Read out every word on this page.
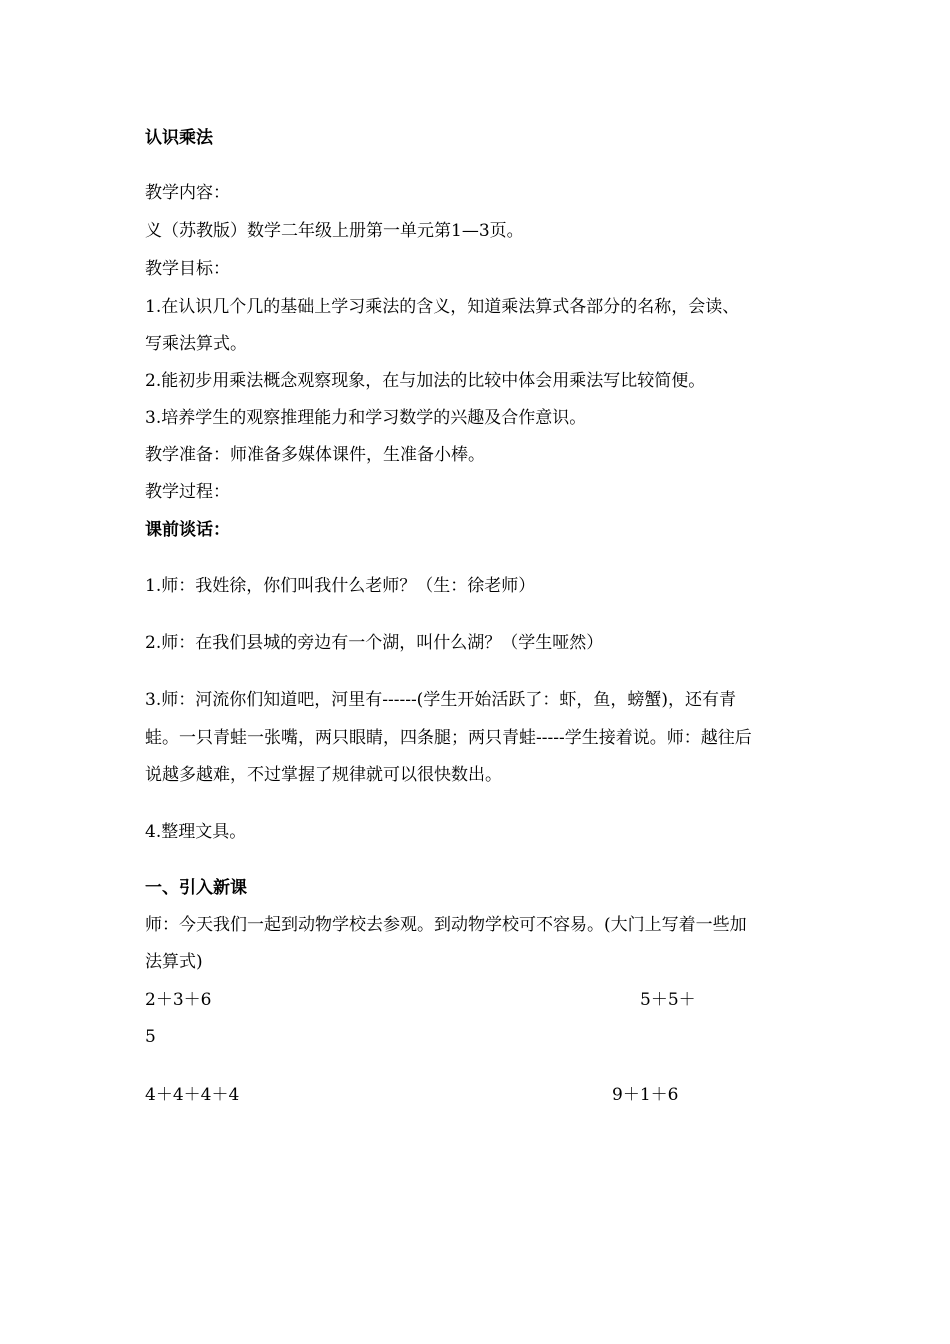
认识乘法
教学内容：
义（苏教版）数学二年级上册第一单元第1—3页。
教学目标：
1.在认识几个几的基础上学习乘法的含义，知道乘法算式各部分的名称，会读、
写乘法算式。
2.能初步用乘法概念观察现象，在与加法的比较中体会用乘法写比较简便。
3.培养学生的观察推理能力和学习数学的兴趣及合作意识。
教学准备：师准备多媒体课件，生准备小棒。
教学过程：
课前谈话：
1.师：我姓徐，你们叫我什么老师？（生：徐老师）
2.师：在我们县城的旁边有一个湖，叫什么湖？（学生哑然）
3.师：河流你们知道吧，河里有------(学生开始活跃了：虾，鱼，螃蟹)，还有青
蛙。一只青蛙一张嘴，两只眼睛，四条腿；两只青蛙-----学生接着说。师：越往后
说越多越难，不过掌握了规律就可以很快数出。
4.整理文具。
一、引入新课
师：今天我们一起到动物学校去参观。到动物学校可不容易。(大门上写着一些加
法算式)
2＋3＋6	5＋5＋
5
4＋4＋4＋4	9＋1＋6
